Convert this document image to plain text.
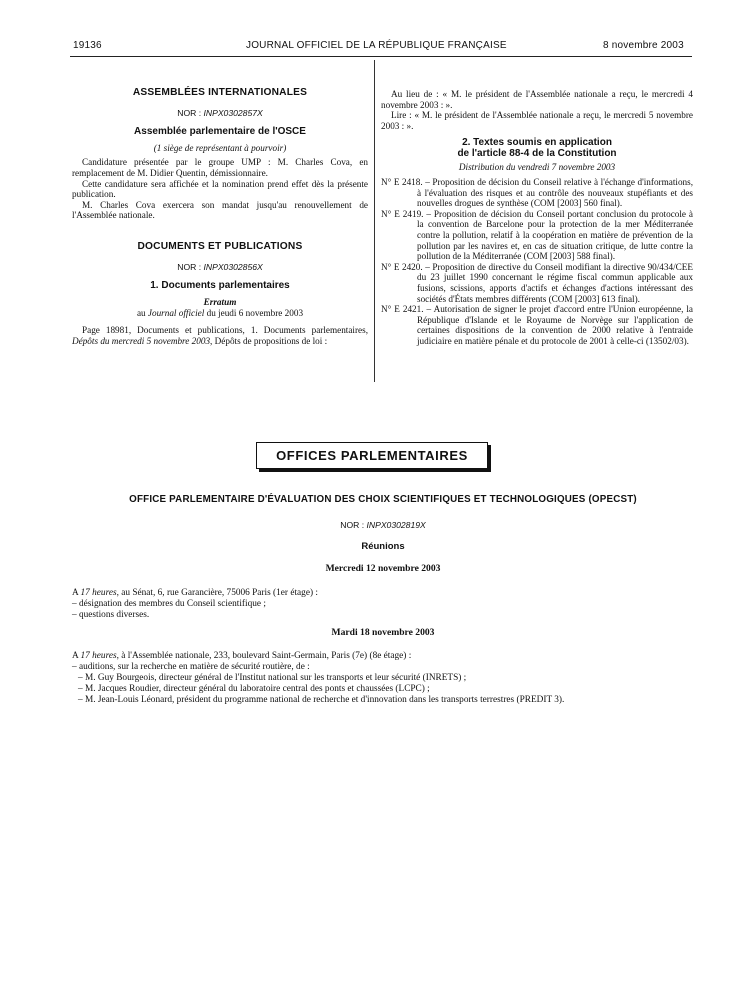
19136	JOURNAL OFFICIEL DE LA RÉPUBLIQUE FRANÇAISE	8 novembre 2003
ASSEMBLÉES INTERNATIONALES
NOR : INPX0302857X
Assemblée parlementaire de l'OSCE
(1 siège de représentant à pourvoir)

Candidature présentée par le groupe UMP : M. Charles Cova, en remplacement de M. Didier Quentin, démissionnaire.

Cette candidature sera affichée et la nomination prend effet dès la présente publication.

M. Charles Cova exercera son mandat jusqu'au renouvellement de l'Assemblée nationale.

DOCUMENTS ET PUBLICATIONS
NOR : INPX0302856X
1. Documents parlementaires
Erratum
au Journal officiel du jeudi 6 novembre 2003

Page 18981, Documents et publications, 1. Documents parlementaires, Dépôts du mercredi 5 novembre 2003, Dépôts de propositions de loi :

Au lieu de : « M. le président de l'Assemblée nationale a reçu, le mercredi 4 novembre 2003 : ».

Lire : « M. le président de l'Assemblée nationale a reçu, le mercredi 5 novembre 2003 : ».

2. Textes soumis en application
de l'article 88-4 de la Constitution
Distribution du vendredi 7 novembre 2003

N° E 2418. – Proposition de décision du Conseil relative à l'échange d'informations, à l'évaluation des risques et au contrôle des nouveaux stupéfiants et des nouvelles drogues de synthèse (COM [2003] 560 final).

N° E 2419. – Proposition de décision du Conseil portant conclusion du protocole à la convention de Barcelone pour la protection de la mer Méditerranée contre la pollution, relatif à la coopération en matière de prévention de la pollution par les navires et, en cas de situation critique, de lutte contre la pollution de la Méditerranée (COM [2003] 588 final).

N° E 2420. – Proposition de directive du Conseil modifiant la directive 90/434/CEE du 23 juillet 1990 concernant le régime fiscal commun applicable aux fusions, scissions, apports d'actifs et échanges d'actions intéressant des sociétés d'États membres différents (COM [2003] 613 final).

N° E 2421. – Autorisation de signer le projet d'accord entre l'Union européenne, la République d'Islande et le Royaume de Norvège sur l'application de certaines dispositions de la convention de 2000 relative à l'entraide judiciaire en matière pénale et du protocole de 2001 à celle-ci (13502/03).

OFFICES PARLEMENTAIRES
OFFICE PARLEMENTAIRE D'ÉVALUATION DES CHOIX SCIENTIFIQUES ET TECHNOLOGIQUES (OPECST)
NOR : INPX0302819X
Réunions
Mercredi 12 novembre 2003
A 17 heures, au Sénat, 6, rue Garancière, 75006 Paris (1er étage) :
– désignation des membres du Conseil scientifique ;
– questions diverses.
Mardi 18 novembre 2003
A 17 heures, à l'Assemblée nationale, 233, boulevard Saint-Germain, Paris (7e) (8e étage) :
– auditions, sur la recherche en matière de sécurité routière, de :
– M. Guy Bourgeois, directeur général de l'Institut national sur les transports et leur sécurité (INRETS) ;
– M. Jacques Roudier, directeur général du laboratoire central des ponts et chaussées (LCPC) ;
– M. Jean-Louis Léonard, président du programme national de recherche et d'innovation dans les transports terrestres (PREDIT 3).
